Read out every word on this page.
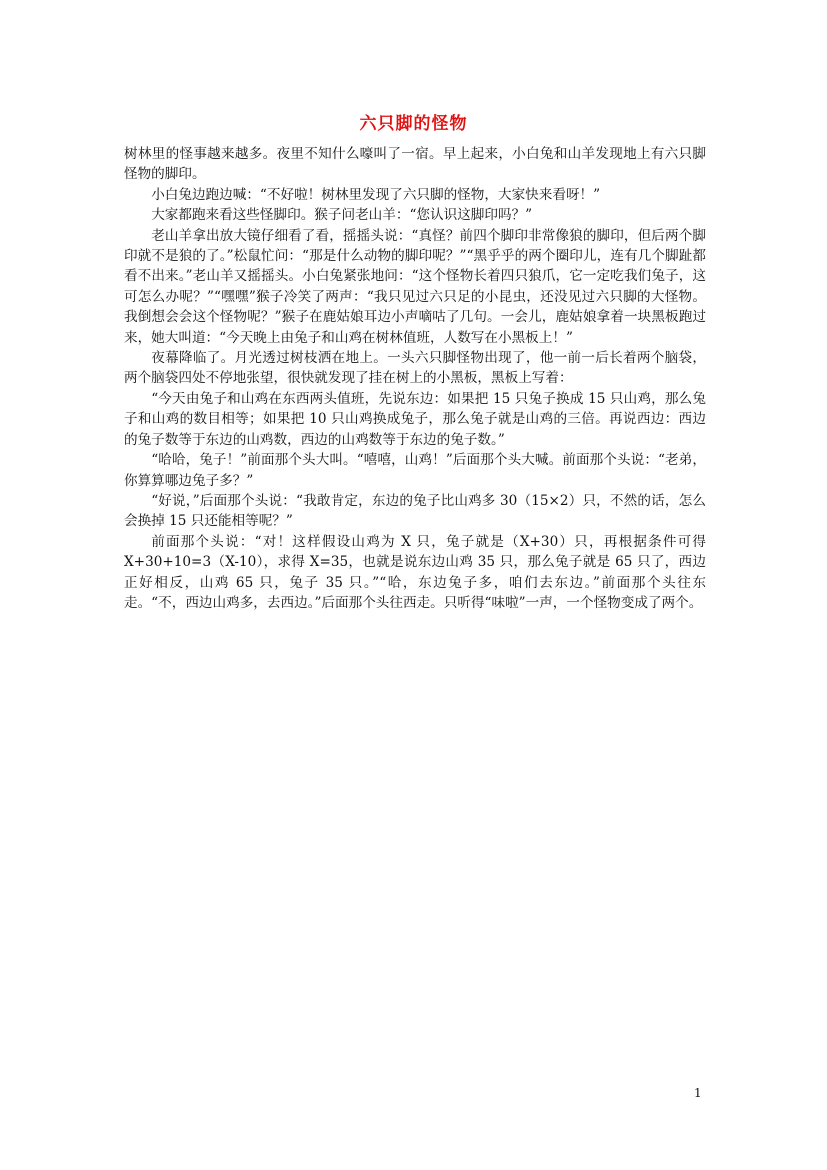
六只脚的怪物

树林里的怪事越来越多。夜里不知什么嚎叫了一宿。早上起来，小白兔和山羊发现地上有六只脚怪物的脚印。

小白兔边跑边喊：“不好啦！树林里发现了六只脚的怪物，大家快来看呀！”

大家都跑来看这些怪脚印。猴子问老山羊：“您认识这脚印吗？”

老山羊拿出放大镜仔细看了看，摇摇头说：“真怪？前四个脚印非常像狼的脚印，但后两个脚印就不是狼的了。”松鼠忙问：“那是什么动物的脚印呢？”“黑乎乎的两个圈印儿，连有几个脚趾都看不出来。”老山羊又摇摇头。小白兔紧张地问：“这个怪物长着四只狼爪，它一定吃我们兔子，这可怎么办呢？”“嘿嘿”猴子冷笑了两声：“我只见过六只足的小昆虫，还没见过六只脚的大怪物。我倒想会会这个怪物呢？”猴子在鹿姑娘耳边小声嘀咕了几句。一会儿，鹿姑娘拿着一块黑板跑过来，她大叫道：“今天晚上由兔子和山鸡在树林值班，人数写在小黑板上！”

夜幕降临了。月光透过树枝洒在地上。一头六只脚怪物出现了，他一前一后长着两个脑袋，两个脑袋四处不停地张望，很快就发现了挂在树上的小黑板，黑板上写着：

“今天由兔子和山鸡在东西两头值班，先说东边：如果把 15 只兔子换成 15 只山鸡，那么兔子和山鸡的数目相等；如果把 10 只山鸡换成兔子，那么兔子就是山鸡的三倍。再说西边：西边的兔子数等于东边的山鸡数，西边的山鸡数等于东边的兔子数。”

“哈哈，兔子！”前面那个头大叫。“嘻嘻，山鸡！”后面那个头大喊。前面那个头说：“老弟，你算算哪边兔子多？”

“好说，”后面那个头说：“我敢肯定，东边的兔子比山鸡多 30（15×2）只，不然的话，怎么会换掉 15 只还能相等呢？”

前面那个头说：“对！这样假设山鸡为 X 只，兔子就是（X+30）只，再根据条件可得 X+30+10=3（X-10），求得 X=35，也就是说东边山鸡 35 只，那么兔子就是 65 只了，西边正好相反，山鸡 65 只，兔子 35 只。”“哈，东边兔子多，咱们去东边。”前面那个头往东走。“不，西边山鸡多，去西边。”后面那个头往西走。只听得“味啦”一声，一个怪物变成了两个。

1
